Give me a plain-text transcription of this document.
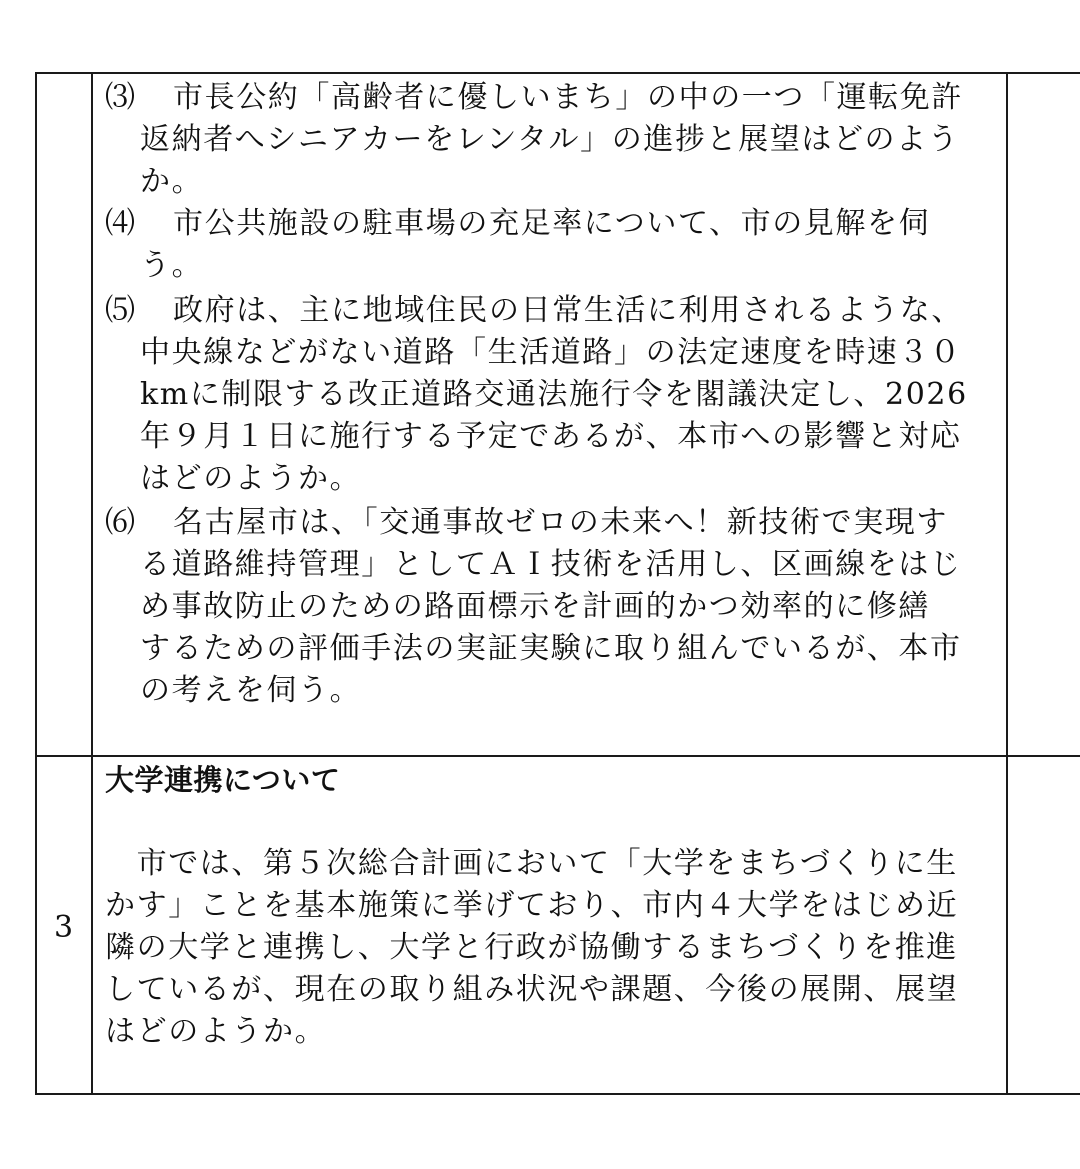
⑶ 市長公約「高齢者に優しいまち」の中の一つ「運転免許
返納者へシニアカーをレンタル」の進捗と展望はどのよう
か。
⑷ 市公共施設の駐車場の充足率について、市の見解を伺
う。
⑸ 政府は、主に地域住民の日常生活に利用されるような、
中央線などがない道路「生活道路」の法定速度を時速３０
kmに制限する改正道路交通法施行令を閣議決定し、2026
年９月１日に施行する予定であるが、本市への影響と対応
はどのようか。
⑹ 名古屋市は、「交通事故ゼロの未来へ！新技術で実現す
る道路維持管理」としてＡＩ技術を活用し、区画線をはじ
め事故防止のための路面標示を計画的かつ効率的に修繕
するための評価手法の実証実験に取り組んでいるが、本市
の考えを伺う。
3
大学連携について
　市では、第５次総合計画において「大学をまちづくりに生
かす」ことを基本施策に挙げており、市内４大学をはじめ近
隣の大学と連携し、大学と行政が協働するまちづくりを推進
しているが、現在の取り組み状況や課題、今後の展開、展望
はどのようか。
